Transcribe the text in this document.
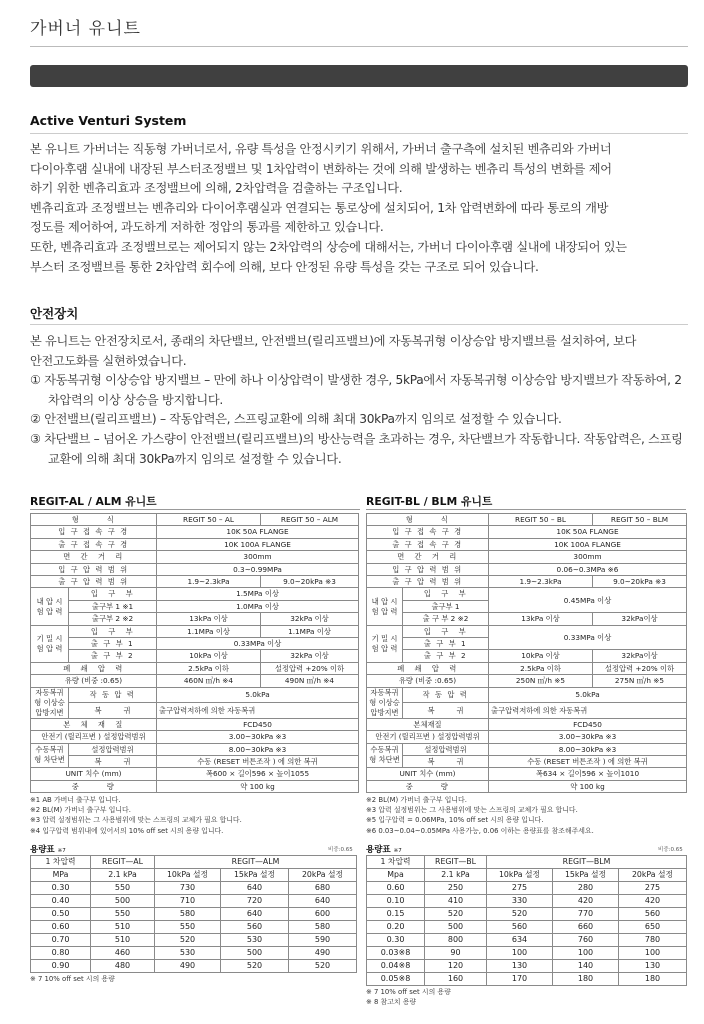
가버너 유니트
Active Venturi System

본 유니트 가버너는 직동형 가버너로서, 유량 특성을 안정시키기 위해서, 가버너 출구측에 설치된 벤츄리와 가버너

다이아후램 실내에 내장된 부스터조정밸브 및 1차압력이 변화하는 것에 의해 발생하는 벤츄리 특성의 변화를 제어

하기 위한 벤츄리효과 조정밸브에 의해, 2차압력을 검출하는 구조입니다.

벤츄리효과 조정밸브는 벤츄리와 다이어후램실과 연결되는 통로상에 설치되어, 1차 압력변화에 따라 통로의 개방

정도를 제어하여, 과도하게 저하한 정압의 통과를 제한하고 있습니다.

또한, 벤츄리효과 조정밸브로는 제어되지 않는 2차압력의 상승에 대해서는, 가버너 다이아후램 실내에 내장되어 있는

부스터 조정밸브를 통한 2차압력 회수에 의해, 보다 안정된 유량 특성을 갖는 구조로 되어 있습니다.

안전장치

본 유니트는 안전장치로서, 종래의 차단밸브, 안전밸브(릴리프밸브)에 자동복귀형 이상승압 방지밸브를 설치하여, 보다

안전고도화를 실현하였습니다.

① 자동복귀형 이상승압 방지밸브 – 만에 하나 이상압력이 발생한 경우, 5kPa에서 자동복귀형 이상승압 방지밸브가 작동하여, 2차압력의 이상 상승을 방지합니다.

② 안전밸브(릴리프밸브) – 작동압력은, 스프링교환에 의해 최대 30kPa까지 임의로 설정할 수 있습니다.

③ 차단밸브 – 넘어온 가스량이 안전밸브(릴리프밸브)의 방산능력을 초과하는 경우, 차단밸브가 작동합니다. 작동압력은, 스프링 교환에 의해 최대 30kPa까지 임의로 설정할 수 있습니다.

REGIT-AL / ALM 유니트
형　　　식		REGIT 50 – AL	REGIT 50 – ALM
입 구 접 속 구 경		10K 50A FLANGE	
출 구 접 속 구 경		10K 100A FLANGE	
면　간　거　리		300mm	
입 구 압 력 범 위		0.3~0.99MPa	
출 구 압 력 범 위		1.9~2.3kPa	9.0~20kPa ※3
내 압 시 험 압 력	입　구　부	1.5MPa 이상	
	출구부 1 ※1	1.0MPa 이상	
	출구부 2 ※2	13kPa 이상	32kPa 이상
기 밀 시 험 압 력	입　구　부	1.1MPa 이상	1.1MPa 이상
	출 구 부 1	0.33MPa 이상	
	출 구 부 2	10kPa 이상	32kPa 이상
폐　쇄　압　력		2.5kPa 이하	설정압력 +20% 이하
유량 (비중 :0.65)		460N ㎥/h ※4	490N ㎥/h ※4
자동복귀형 이상승압방지변	작 동 압 력	5.0kPa	
	복　　　귀	출구압력저하에 의한 자동복귀	
본　체　재　질		FCD450	
안전기 (릴리프변 ) 설정압력범위		3.00~30kPa ※3	
수동복귀형 차단변	설정압력범위	8.00~30kPa ※3	
	복　　　귀	수동 (RESET 버튼조작 ) 에 의한 복귀	
UNIT 치수 (mm)		폭600 × 길이596 × 높이1055	
중　　　량		약 100 kg	
※1 AB 가버너 출구부 입니다.
※2 BL(M) 가버너 출구부 입니다.
※3 압력 설정범위는 그 사용범위에 맞는 스프링의 교체가 필요 합니다.
※4 입구압력 범위내에 있어서의 10% off set 시의 용량 입니다.
REGIT-BL / BLM 유니트
형　　　식		REGIT 50 – BL	REGIT 50 – BLM
입 구 접 속 구 경		10K 50A FLANGE	
출 구 접 속 구 경		10K 100A FLANGE	
면　간　거　리		300mm	
입 구 압 력 범 위		0.06~0.3MPa ※6	
출 구 압 력 범 위		1.9~2.3kPa	9.0~20kPa ※3
내 압 시 험 압 력	입　구　부	0.45MPa 이상	
	출구부 1		
	출 구 부 2 ※2	13kPa 이상	32kPa이상
기 밀 시 험 압 력	입　구　부	0.33MPa 이상	
	출 구 부 1		
	출 구 부 2	10kPa 이상	32kPa이상
폐　쇄　압　력		2.5kPa 이하	설정압력 +20% 이하
유량 (비중 :0.65)		250N ㎥/h ※5	275N ㎥/h ※5
자동복귀형 이상승압방지변	작 동 압 력	5.0kPa	
	복　　　귀	출구압력저하에 의한 자동복귀	
본체재질		FCD450	
안전기 (릴리프변 ) 설정압력범위		3.00~30kPa ※3	
수동복귀형 차단변	설정압력범위	8.00~30kPa ※3	
	복　　　귀	수동 (RESET 버튼조작 ) 에 의한 복귀	
UNIT 치수 (mm)		폭634 × 길이596 × 높이1010	
중　　　량		약 100 kg	
※2 BL(M) 가버너 출구부 입니다.
※3 압력 설정범위는 그 사용범위에 맞는 스프링의 교체가 필요 합니다.
※5 입구압력 = 0.06MPa, 10% off set 시의 용량 입니다.
※6 0.03~0.04~0.05MPa 사용가능, 0.06 이하는 용량표를 참조해주세요.
용량표 ※7	비중:0.65
1 차압력	REGIT—AL	REGIT—ALM		
MPa	2.1 kPa	10kPa 설정	15kPa 설정	20kPa 설정
0.30	550	730	640	680
0.40	500	710	720	640
0.50	550	580	640	600
0.60	510	550	560	580
0.70	510	520	530	590
0.80	460	530	500	490
0.90	480	490	520	520
※ 7 10% off set 시의 용량
용량표 ※7	비중:0.65
1 차압력	REGIT—BL	REGIT—BLM		
Mpa	2.1 kPa	10kPa 설정	15kPa 설정	20kPa 설정
0.60	250	275	280	275
0.10	410	330	420	420
0.15	520	520	770	560
0.20	500	560	660	650
0.30	800	634	760	780
0.03※8	90	100	100	100
0.04※8	120	130	140	130
0.05※8	160	170	180	180
※ 7 10% off set 시의 용량
※ 8 참고치 용량
